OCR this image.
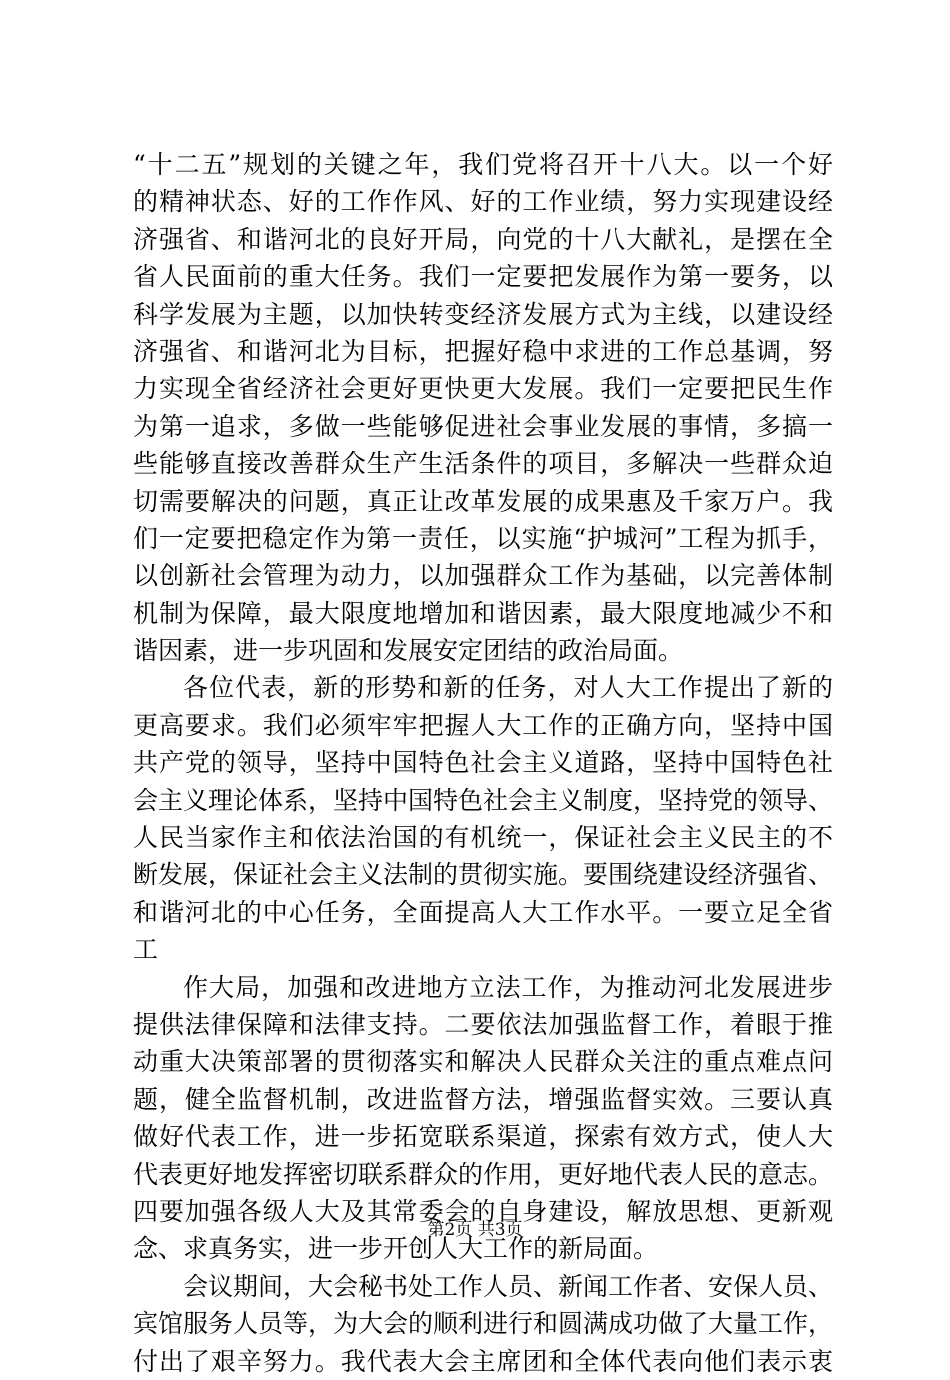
“十二五”规划的关键之年，我们党将召开十八大。以一个好
的精神状态、好的工作作风、好的工作业绩，努力实现建设经
济强省、和谐河北的良好开局，向党的十八大献礼，是摆在全
省人民面前的重大任务。我们一定要把发展作为第一要务，以
科学发展为主题，以加快转变经济发展方式为主线，以建设经
济强省、和谐河北为目标，把握好稳中求进的工作总基调，努
力实现全省经济社会更好更快更大发展。我们一定要把民生作
为第一追求，多做一些能够促进社会事业发展的事情，多搞一
些能够直接改善群众生产生活条件的项目，多解决一些群众迫
切需要解决的问题，真正让改革发展的成果惠及千家万户。我
们一定要把稳定作为第一责任，以实施“护城河”工程为抓手，
以创新社会管理为动力，以加强群众工作为基础，以完善体制
机制为保障，最大限度地增加和谐因素，最大限度地减少不和
谐因素，进一步巩固和发展安定团结的政治局面。
各位代表，新的形势和新的任务，对人大工作提出了新的
更高要求。我们必须牢牢把握人大工作的正确方向，坚持中国
共产党的领导，坚持中国特色社会主义道路，坚持中国特色社
会主义理论体系，坚持中国特色社会主义制度，坚持党的领导、
人民当家作主和依法治国的有机统一，保证社会主义民主的不
断发展，保证社会主义法制的贯彻实施。要围绕建设经济强省、
和谐河北的中心任务，全面提高人大工作水平。一要立足全省
工
作大局，加强和改进地方立法工作，为推动河北发展进步
提供法律保障和法律支持。二要依法加强监督工作，着眼于推
动重大决策部署的贯彻落实和解决人民群众关注的重点难点问
题，健全监督机制，改进监督方法，增强监督实效。三要认真
做好代表工作，进一步拓宽联系渠道，探索有效方式，使人大
代表更好地发挥密切联系群众的作用，更好地代表人民的意志。
四要加强各级人大及其常委会的自身建设，解放思想、更新观
念、求真务实，进一步开创人大工作的新局面。
会议期间，大会秘书处工作人员、新闻工作者、安保人员、
宾馆服务人员等，为大会的顺利进行和圆满成功做了大量工作，
付出了艰辛努力。我代表大会主席团和全体代表向他们表示衷
第2页 共3页
